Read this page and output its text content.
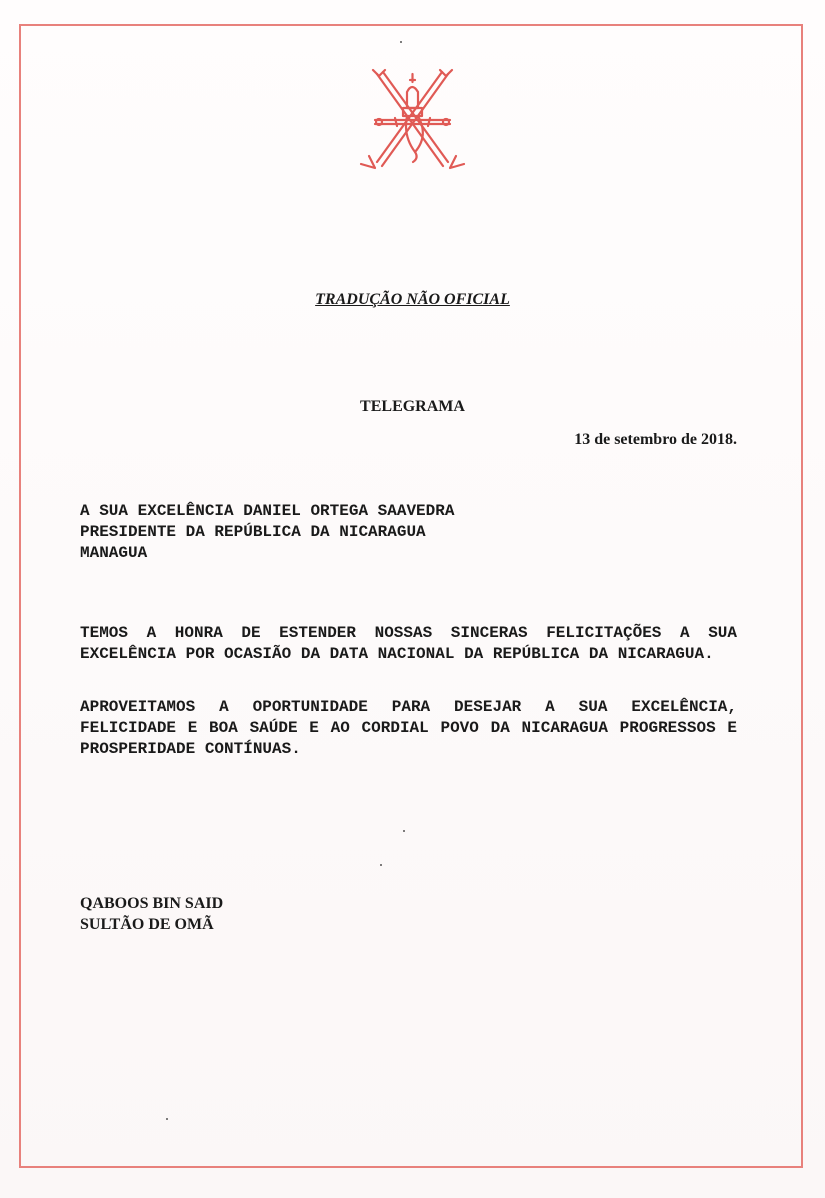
TRADUÇÃO NÃO OFICIAL
TELEGRAMA
13 de setembro de 2018.
A SUA EXCELÊNCIA DANIEL ORTEGA SAAVEDRA
PRESIDENTE DA REPÚBLICA DA NICARAGUA
MANAGUA
TEMOS A HONRA DE ESTENDER NOSSAS SINCERAS FELICITAÇÕES A SUA EXCELÊNCIA POR OCASIÃO DA DATA NACIONAL DA REPÚBLICA DA NICARAGUA.
APROVEITAMOS A OPORTUNIDADE PARA DESEJAR A SUA EXCELÊNCIA, FELICIDADE E BOA SAÚDE E AO CORDIAL POVO DA NICARAGUA PROGRESSOS E PROSPERIDADE CONTÍNUAS.
QABOOS BIN SAID
SULTÃO DE OMÃ
